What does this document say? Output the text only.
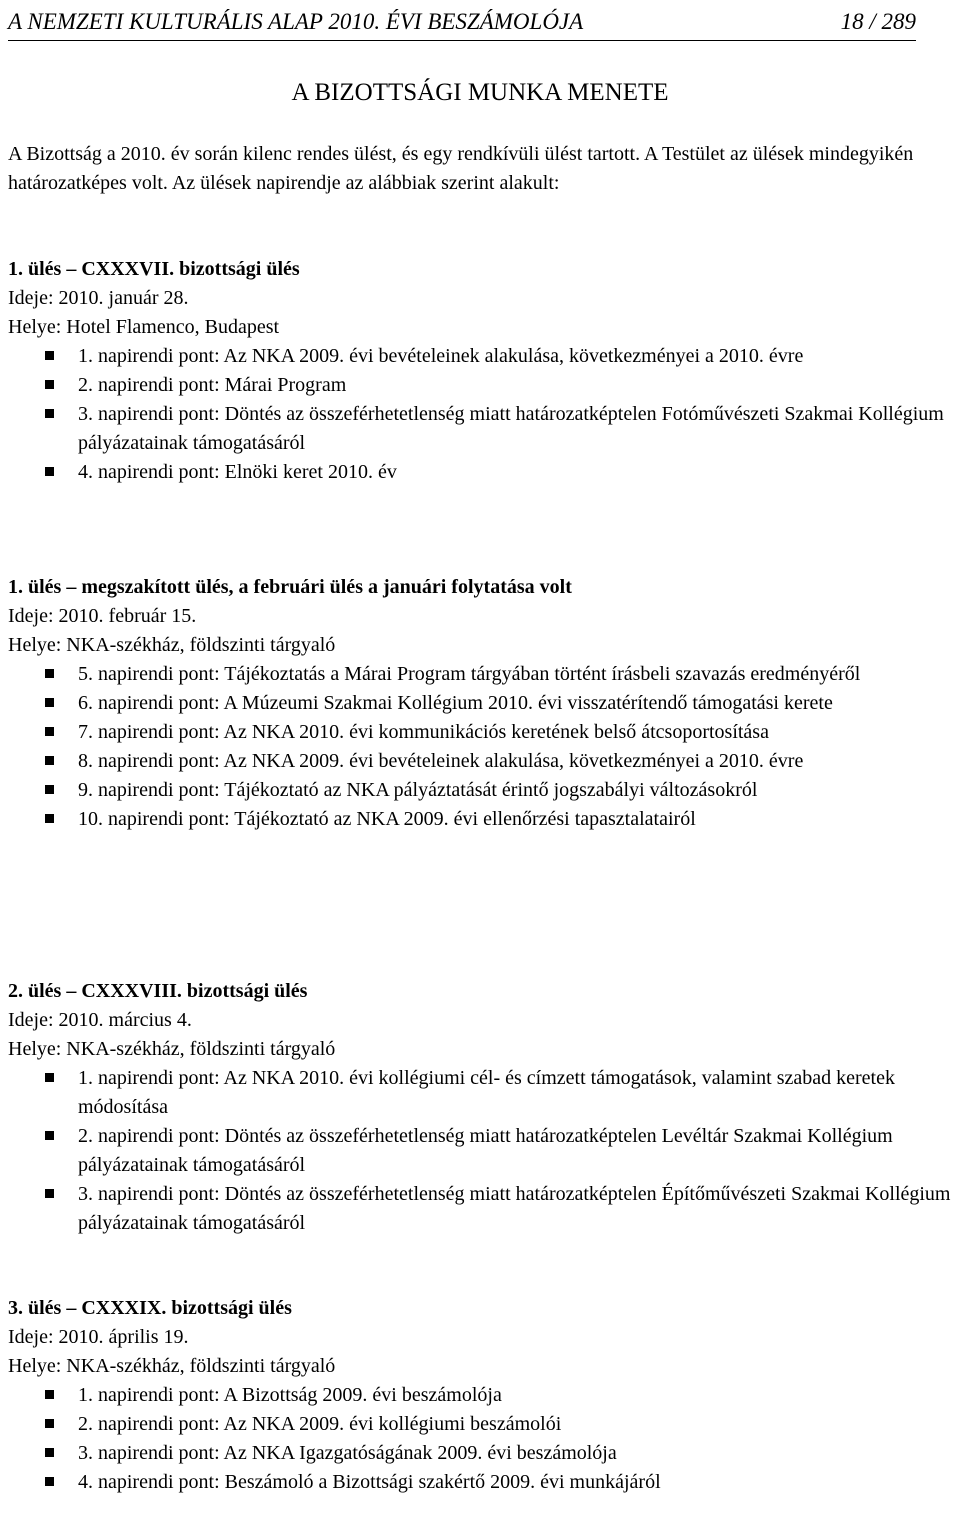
A NEMZETI KULTURÁLIS ALAP 2010. ÉVI BESZÁMOLÓJA	18 / 289
A BIZOTTSÁGI MUNKA MENETE
A Bizottság a 2010. év során kilenc rendes ülést, és egy rendkívüli ülést tartott. A Testület az ülések mindegyikén határozatképes volt. Az ülések napirendje az alábbiak szerint alakult:
1. ülés – CXXXVII. bizottsági ülés
Ideje: 2010. január 28.
Helye: Hotel Flamenco, Budapest
1. napirendi pont: Az NKA 2009. évi bevételeinek alakulása, következményei a 2010. évre
2. napirendi pont: Márai Program
3. napirendi pont: Döntés az összeférhetetlenség miatt határozatképtelen Fotóművészeti Szakmai Kollégium pályázatainak támogatásáról
4. napirendi pont: Elnöki keret 2010. év
1. ülés – megszakított ülés, a februári ülés a januári folytatása volt
Ideje: 2010. február 15.
Helye: NKA-székház, földszinti tárgyaló
5. napirendi pont: Tájékoztatás a Márai Program tárgyában történt írásbeli szavazás eredményéről
6. napirendi pont: A Múzeumi Szakmai Kollégium 2010. évi visszatérítendő támogatási kerete
7. napirendi pont: Az NKA 2010. évi kommunikációs keretének belső átcsoportosítása
8. napirendi pont: Az NKA 2009. évi bevételeinek alakulása, következményei a 2010. évre
9. napirendi pont: Tájékoztató az NKA pályáztatását érintő jogszabályi változásokról
10. napirendi pont: Tájékoztató az NKA 2009. évi ellenőrzési tapasztalatairól
2. ülés – CXXXVIII. bizottsági ülés
Ideje: 2010. március 4.
Helye: NKA-székház, földszinti tárgyaló
1. napirendi pont: Az NKA 2010. évi kollégiumi cél- és címzett támogatások, valamint szabad keretek módosítása
2. napirendi pont: Döntés az összeférhetetlenség miatt határozatképtelen Levéltár Szakmai Kollégium pályázatainak támogatásáról
3. napirendi pont: Döntés az összeférhetetlenség miatt határozatképtelen Építőművészeti Szakmai Kollégium pályázatainak támogatásáról
3. ülés – CXXXIX. bizottsági ülés
Ideje: 2010. április 19.
Helye: NKA-székház, földszinti tárgyaló
1. napirendi pont: A Bizottság 2009. évi beszámolója
2. napirendi pont: Az NKA 2009. évi kollégiumi beszámolói
3. napirendi pont: Az NKA Igazgatóságának 2009. évi beszámolója
4. napirendi pont: Beszámoló a Bizottsági szakértő 2009. évi munkájáról
